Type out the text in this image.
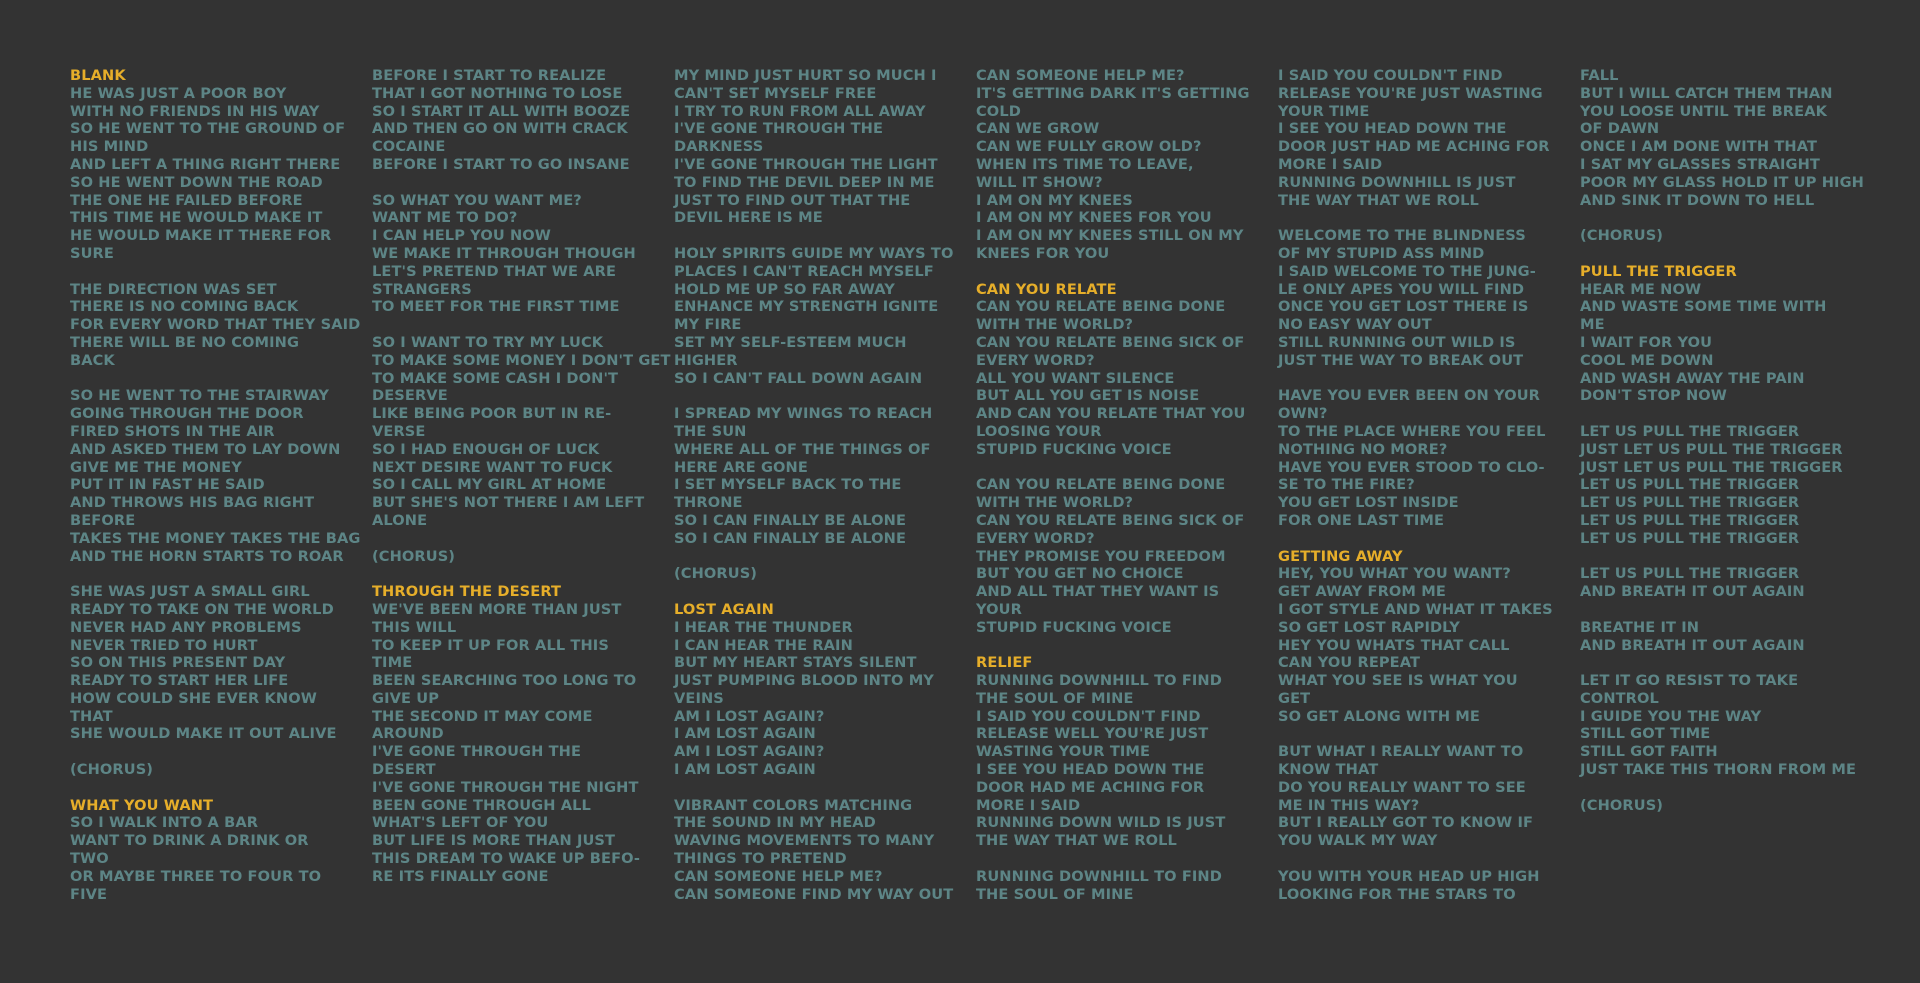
BLANK
HE WAS JUST A POOR BOY
WITH NO FRIENDS IN HIS WAY
SO HE WENT TO THE GROUND OF
HIS MIND
AND LEFT A THING RIGHT THERE
SO HE WENT DOWN THE ROAD
THE ONE HE FAILED BEFORE
THIS TIME HE WOULD MAKE IT
HE WOULD MAKE IT THERE FOR
SURE
THE DIRECTION WAS SET
THERE IS NO COMING BACK
FOR EVERY WORD THAT THEY SAID
THERE WILL BE NO COMING
BACK
SO HE WENT TO THE STAIRWAY
GOING THROUGH THE DOOR
FIRED SHOTS IN THE AIR
AND ASKED THEM TO LAY DOWN
GIVE ME THE MONEY
PUT IT IN FAST HE SAID
AND THROWS HIS BAG RIGHT
BEFORE
TAKES THE MONEY TAKES THE BAG
AND THE HORN STARTS TO ROAR
SHE WAS JUST A SMALL GIRL
READY TO TAKE ON THE WORLD
NEVER HAD ANY PROBLEMS
NEVER TRIED TO HURT
SO ON THIS PRESENT DAY
READY TO START HER LIFE
HOW COULD SHE EVER KNOW
THAT
SHE WOULD MAKE IT OUT ALIVE
(CHORUS)
WHAT YOU WANT
SO I WALK INTO A BAR
WANT TO DRINK A DRINK OR
TWO
OR MAYBE THREE TO FOUR TO
FIVE
BEFORE I START TO REALIZE
THAT I GOT NOTHING TO LOSE
SO I START IT ALL WITH BOOZE
AND THEN GO ON WITH CRACK
COCAINE
BEFORE I START TO GO INSANE
SO WHAT YOU WANT ME?
WANT ME TO DO?
I CAN HELP YOU NOW
WE MAKE IT THROUGH THOUGH
LET'S PRETEND THAT WE ARE
STRANGERS
TO MEET FOR THE FIRST TIME
SO I WANT TO TRY MY LUCK
TO MAKE SOME MONEY I DON'T GET
TO MAKE SOME CASH I DON'T
DESERVE
LIKE BEING POOR BUT IN RE-
VERSE
SO I HAD ENOUGH OF LUCK
NEXT DESIRE WANT TO FUCK
SO I CALL MY GIRL AT HOME
BUT SHE'S NOT THERE I AM LEFT
ALONE
(CHORUS)
THROUGH THE DESERT
WE'VE BEEN MORE THAN JUST
THIS WILL
TO KEEP IT UP FOR ALL THIS
TIME
BEEN SEARCHING TOO LONG TO
GIVE UP
THE SECOND IT MAY COME
AROUND
I'VE GONE THROUGH THE
DESERT
I'VE GONE THROUGH THE NIGHT
BEEN GONE THROUGH ALL
WHAT'S LEFT OF YOU
BUT LIFE IS MORE THAN JUST
THIS DREAM TO WAKE UP BEFO-
RE ITS FINALLY GONE
MY MIND JUST HURT SO MUCH I
CAN'T SET MYSELF FREE
I TRY TO RUN FROM ALL AWAY
I'VE GONE THROUGH THE
DARKNESS
I'VE GONE THROUGH THE LIGHT
TO FIND THE DEVIL DEEP IN ME
JUST TO FIND OUT THAT THE
DEVIL HERE IS ME
HOLY SPIRITS GUIDE MY WAYS TO
PLACES I CAN'T REACH MYSELF
HOLD ME UP SO FAR AWAY
ENHANCE MY STRENGTH IGNITE
MY FIRE
SET MY SELF-ESTEEM MUCH
HIGHER
SO I CAN'T FALL DOWN AGAIN
I SPREAD MY WINGS TO REACH
THE SUN
WHERE ALL OF THE THINGS OF
HERE ARE GONE
I SET MYSELF BACK TO THE
THRONE
SO I CAN FINALLY BE ALONE
SO I CAN FINALLY BE ALONE
(CHORUS)
LOST AGAIN
I HEAR THE THUNDER
I CAN HEAR THE RAIN
BUT MY HEART STAYS SILENT
JUST PUMPING BLOOD INTO MY
VEINS
AM I LOST AGAIN?
I AM LOST AGAIN
AM I LOST AGAIN?
I AM LOST AGAIN
VIBRANT COLORS MATCHING
THE SOUND IN MY HEAD
WAVING MOVEMENTS TO MANY
THINGS TO PRETEND
CAN SOMEONE HELP ME?
CAN SOMEONE FIND MY WAY OUT
CAN SOMEONE HELP ME?
IT'S GETTING DARK IT'S GETTING
COLD
CAN WE GROW
CAN WE FULLY GROW OLD?
WHEN ITS TIME TO LEAVE,
WILL IT SHOW?
I AM ON MY KNEES
I AM ON MY KNEES FOR YOU
I AM ON MY KNEES STILL ON MY
KNEES FOR YOU
CAN YOU RELATE
CAN YOU RELATE BEING DONE
WITH THE WORLD?
CAN YOU RELATE BEING SICK OF
EVERY WORD?
ALL YOU WANT SILENCE
BUT ALL YOU GET IS NOISE
AND CAN YOU RELATE THAT YOU
LOOSING YOUR
STUPID FUCKING VOICE
CAN YOU RELATE BEING DONE
WITH THE WORLD?
CAN YOU RELATE BEING SICK OF
EVERY WORD?
THEY PROMISE YOU FREEDOM
BUT YOU GET NO CHOICE
AND ALL THAT THEY WANT IS
YOUR
STUPID FUCKING VOICE
RELIEF
RUNNING DOWNHILL TO FIND
THE SOUL OF MINE
I SAID YOU COULDN'T FIND
RELEASE WELL YOU'RE JUST
WASTING YOUR TIME
I SEE YOU HEAD DOWN THE
DOOR HAD ME ACHING FOR
MORE I SAID
RUNNING DOWN WILD IS JUST
THE WAY THAT WE ROLL
RUNNING DOWNHILL TO FIND
THE SOUL OF MINE
I SAID YOU COULDN'T FIND
RELEASE YOU'RE JUST WASTING
YOUR TIME
I SEE YOU HEAD DOWN THE
DOOR JUST HAD ME ACHING FOR
MORE I SAID
RUNNING DOWNHILL IS JUST
THE WAY THAT WE ROLL
WELCOME TO THE BLINDNESS
OF MY STUPID ASS MIND
I SAID WELCOME TO THE JUNG-
LE ONLY APES YOU WILL FIND
ONCE YOU GET LOST THERE IS
NO EASY WAY OUT
STILL RUNNING OUT WILD IS
JUST THE WAY TO BREAK OUT
HAVE YOU EVER BEEN ON YOUR
OWN?
TO THE PLACE WHERE YOU FEEL
NOTHING NO MORE?
HAVE YOU EVER STOOD TO CLO-
SE TO THE FIRE?
YOU GET LOST INSIDE
FOR ONE LAST TIME
GETTING AWAY
HEY, YOU WHAT YOU WANT?
GET AWAY FROM ME
I GOT STYLE AND WHAT IT TAKES
SO GET LOST RAPIDLY
HEY YOU WHATS THAT CALL
CAN YOU REPEAT
WHAT YOU SEE IS WHAT YOU
GET
SO GET ALONG WITH ME
BUT WHAT I REALLY WANT TO
KNOW THAT
DO YOU REALLY WANT TO SEE
ME IN THIS WAY?
BUT I REALLY GOT TO KNOW IF
YOU WALK MY WAY
YOU WITH YOUR HEAD UP HIGH
LOOKING FOR THE STARS TO
FALL
BUT I WILL CATCH THEM THAN
YOU LOOSE UNTIL THE BREAK
OF DAWN
ONCE I AM DONE WITH THAT
I SAT MY GLASSES STRAIGHT
POOR MY GLASS HOLD IT UP HIGH
AND SINK IT DOWN TO HELL
(CHORUS)
PULL THE TRIGGER
HEAR ME NOW
AND WASTE SOME TIME WITH
ME
I WAIT FOR YOU
COOL ME DOWN
AND WASH AWAY THE PAIN
DON'T STOP NOW
LET US PULL THE TRIGGER
JUST LET US PULL THE TRIGGER
JUST LET US PULL THE TRIGGER
LET US PULL THE TRIGGER
LET US PULL THE TRIGGER
LET US PULL THE TRIGGER
LET US PULL THE TRIGGER
LET US PULL THE TRIGGER
AND BREATH IT OUT AGAIN
BREATHE IT IN
AND BREATH IT OUT AGAIN
LET IT GO RESIST TO TAKE
CONTROL
I GUIDE YOU THE WAY
STILL GOT TIME
STILL GOT FAITH
JUST TAKE THIS THORN FROM ME
(CHORUS)
